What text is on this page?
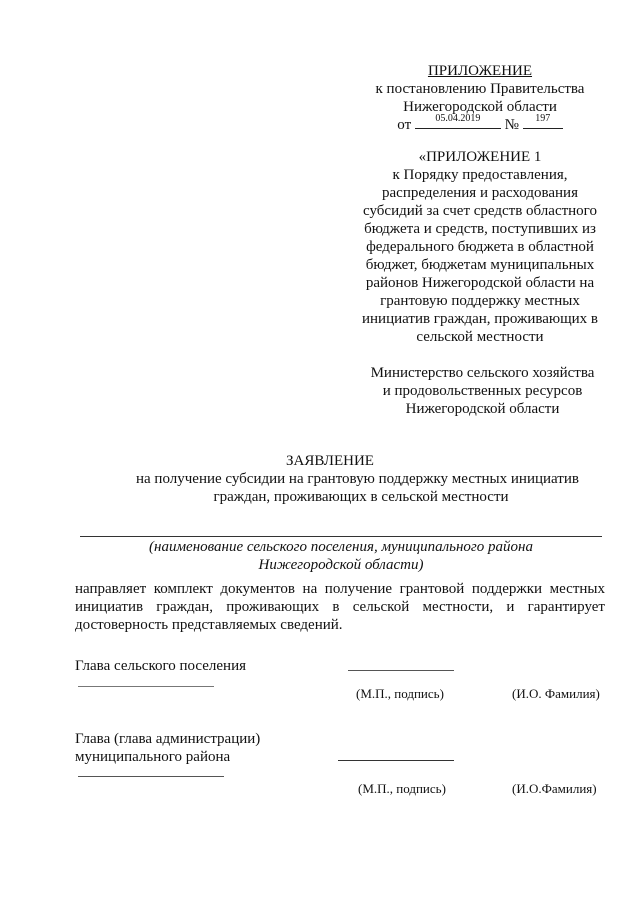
ПРИЛОЖЕНИЕ
к постановлению Правительства
Нижегородской области
от	05.04.2019	№	197
«ПРИЛОЖЕНИЕ 1
к Порядку предоставления,
распределения и расходования
субсидий за счет средств областного
бюджета и средств, поступивших из
федерального бюджета в областной
бюджет, бюджетам муниципальных
районов Нижегородской области на
грантовую поддержку местных
инициатив граждан, проживающих в
сельской местности
Министерство сельского хозяйства
и продовольственных ресурсов
Нижегородской области
ЗАЯВЛЕНИЕ
на получение субсидии на грантовую поддержку местных инициатив
граждан, проживающих в сельской местности
(наименование сельского поселения, муниципального района
Нижегородской области)
направляет комплект документов на получение грантовой поддержки местных
инициатив граждан, проживающих в сельской местности, и гарантирует
достоверность представляемых сведений.
Глава сельского поселения
(М.П., подпись)	(И.О. Фамилия)
Глава (глава администрации)
муниципального района
(М.П., подпись)	(И.О.Фамилия)
